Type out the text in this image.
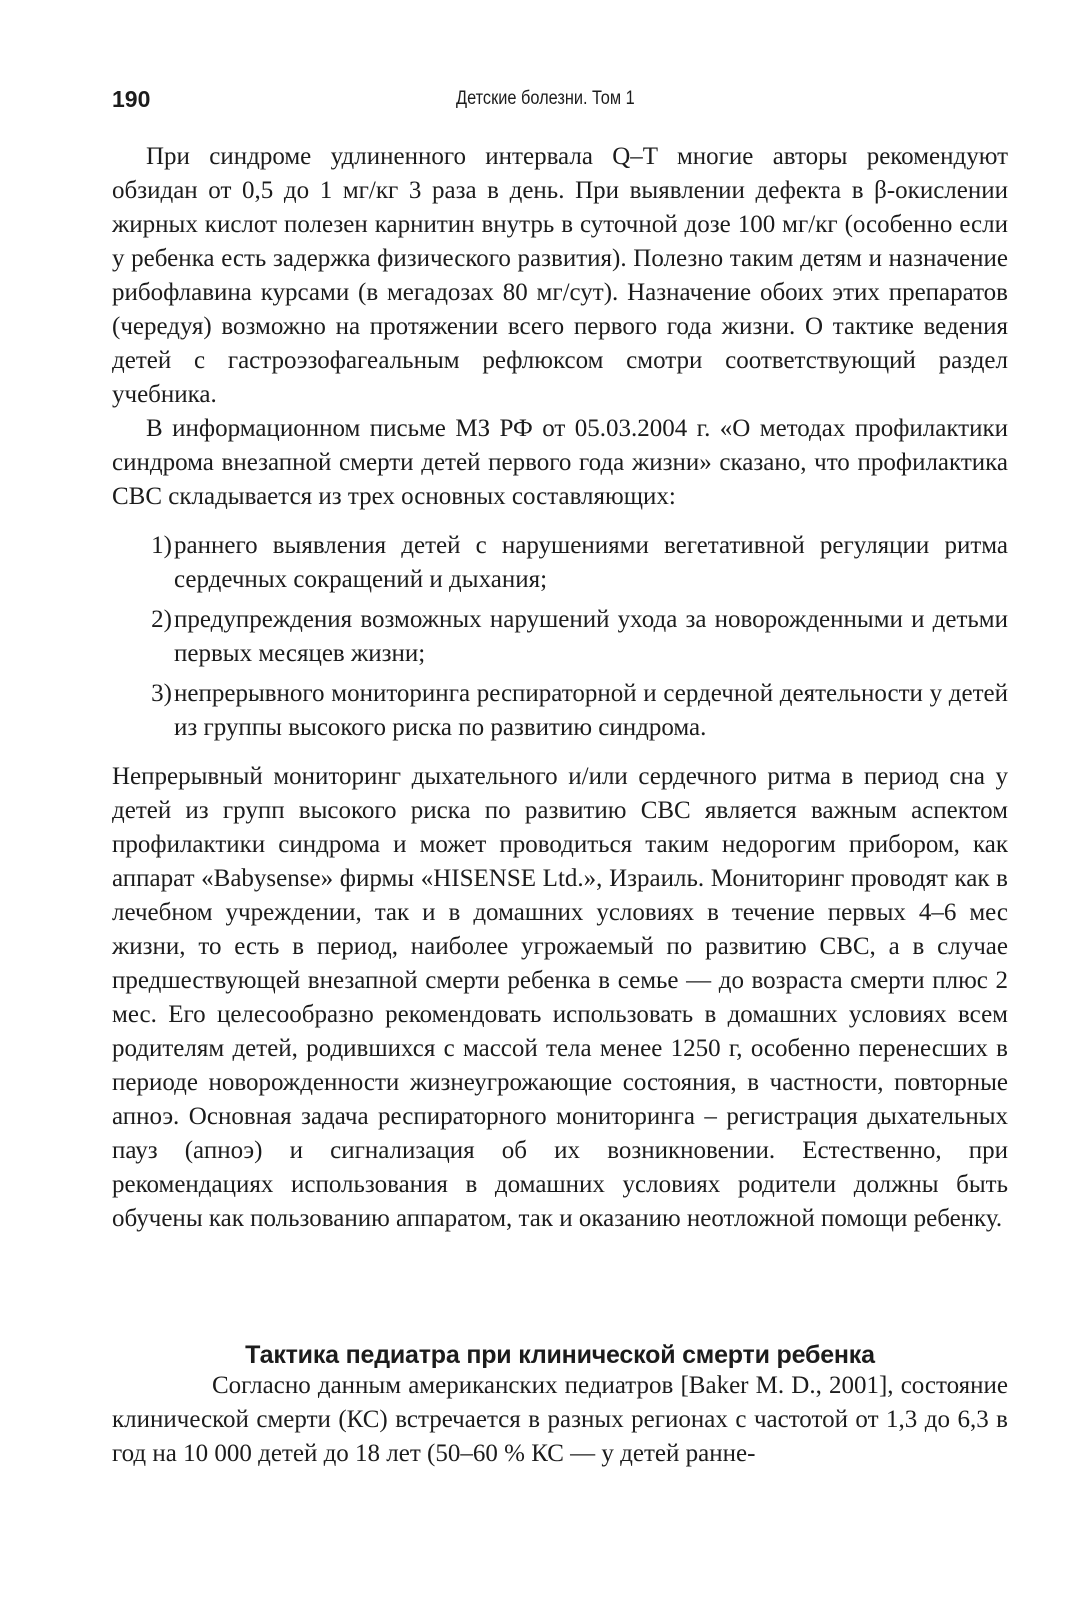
190	Детские болезни. Том 1

При синдроме удлиненного интервала Q–T многие авторы рекомендуют обзидан от 0,5 до 1 мг/кг 3 раза в день. При выявлении дефекта в β-окислении жирных кислот полезен карнитин внутрь в суточной дозе 100 мг/кг (особенно если у ребенка есть задержка физического развития). Полезно таким детям и назначение рибофлавина курсами (в мегадозах 80 мг/сут). Назначение обоих этих препаратов (чередуя) возможно на протяжении всего первого года жизни. О тактике ведения детей с гастроэзофагеальным рефлюксом смотри соответствующий раздел учебника.

В информационном письме МЗ РФ от 05.03.2004 г. «О методах профилактики синдрома внезапной смерти детей первого года жизни» сказано, что профилактика СВС складывается из трех основных составляющих:

1) раннего выявления детей с нарушениями вегетативной регуляции ритма сердечных сокращений и дыхания;
2) предупреждения возможных нарушений ухода за новорожденными и детьми первых месяцев жизни;
3) непрерывного мониторинга респираторной и сердечной деятельности у детей из группы высокого риска по развитию синдрома.

Непрерывный мониторинг дыхательного и/или сердечного ритма в период сна у детей из групп высокого риска по развитию СВС является важным аспектом профилактики синдрома и может проводиться таким недорогим прибором, как аппарат «Babysense» фирмы «HISENSE Ltd.», Израиль. Мониторинг проводят как в лечебном учреждении, так и в домашних условиях в течение первых 4–6 мес жизни, то есть в период, наиболее угрожаемый по развитию СВС, а в случае предшествующей внезапной смерти ребенка в семье — до возраста смерти плюс 2 мес. Его целесообразно рекомендовать использовать в домашних условиях всем родителям детей, родившихся с массой тела менее 1250 г, особенно перенесших в периоде новорожденности жизнеугрожающие состояния, в частности, повторные апноэ. Основная задача респираторного мониторинга – регистрация дыхательных пауз (апноэ) и сигнализация об их возникновении. Естественно, при рекомендациях использования в домашних условиях родители должны быть обучены как пользованию аппаратом, так и оказанию неотложной помощи ребенку.

Тактика педиатра при клинической смерти ребенка

Согласно данным американских педиатров [Baker M. D., 2001], состояние клинической смерти (КС) встречается в разных регионах с частотой от 1,3 до 6,3 в год на 10 000 детей до 18 лет (50–60 % КС — у детей ранне-
